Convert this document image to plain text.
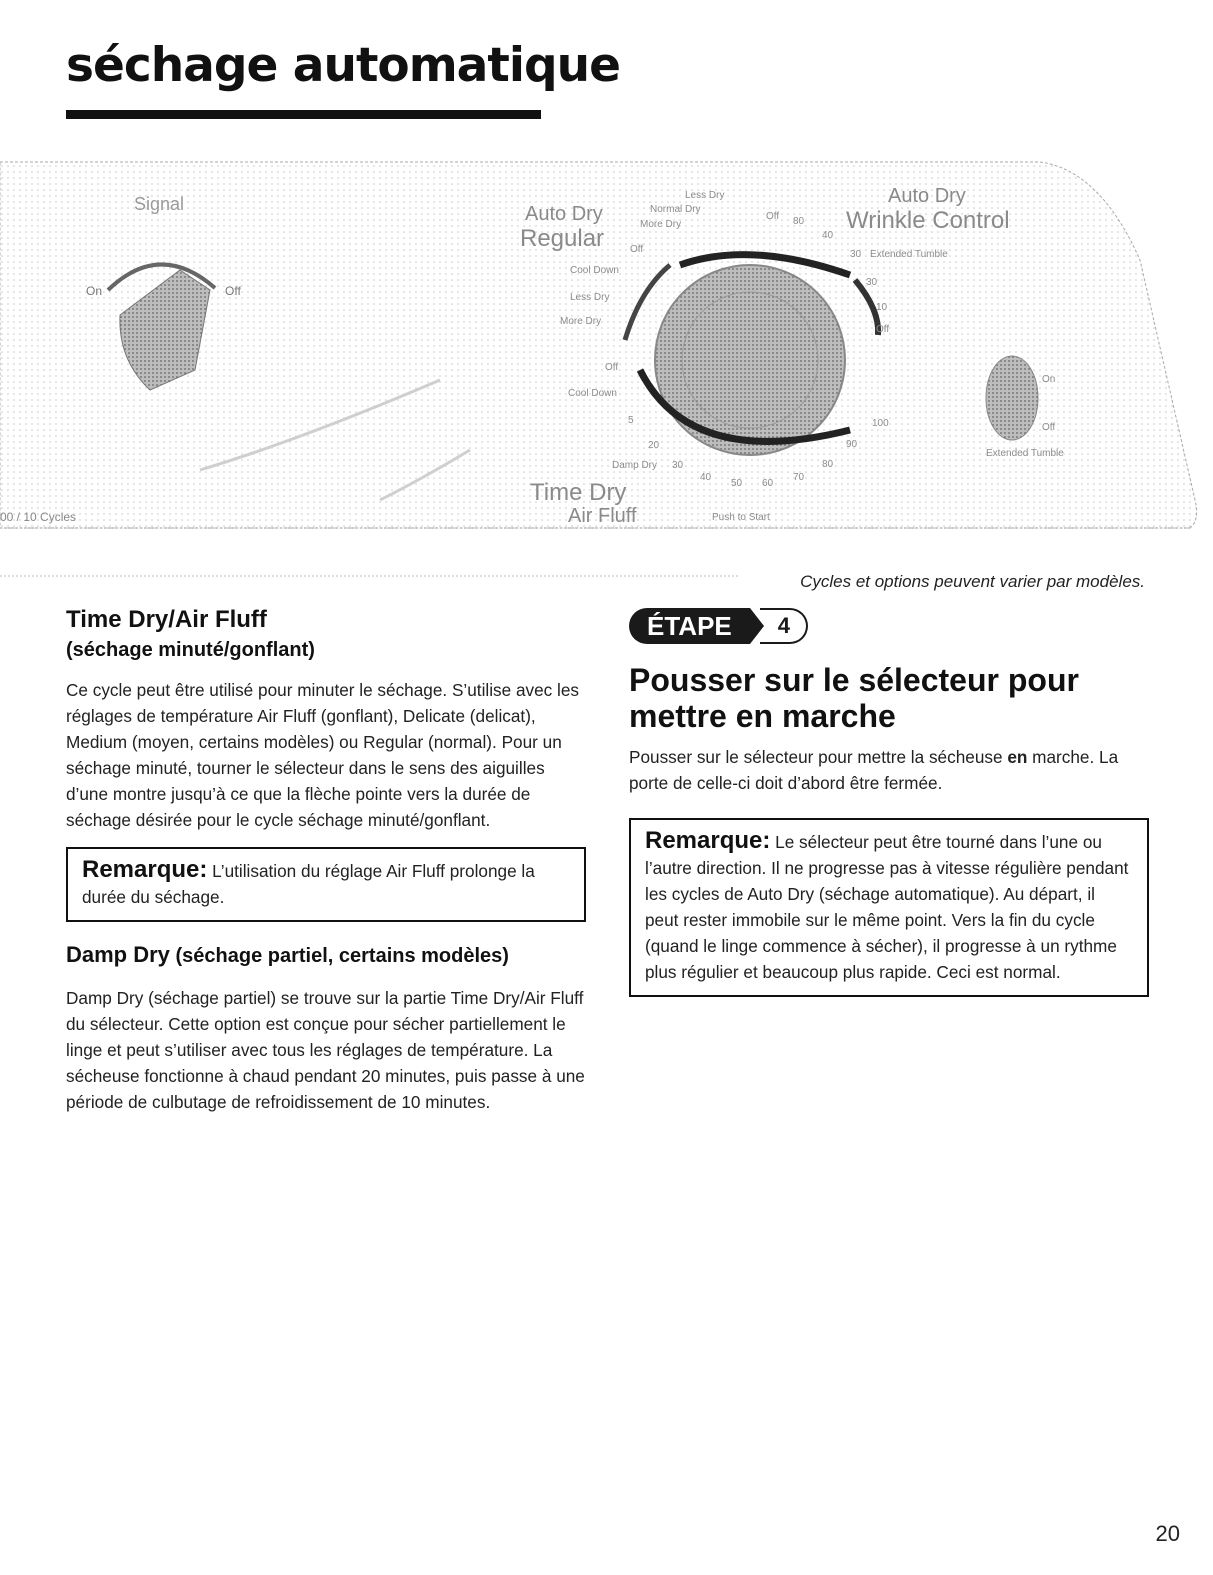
séchage automatique
Signal
On	Off
00 / 10 Cycles
Auto Dry
Regular
Auto Dry
Wrinkle Control
Less Dry
Normal Dry
More Dry
Off 80
40
Off
Cool Down
Less Dry
More Dry
30 Extended Tumble
30
10
Off
Off
Cool Down
5
20
Damp Dry 30
40
50 60
70
80
90
100
Time Dry
Air Fluff	Push to Start
On
Off
Extended Tumble

Cycles et options peuvent varier par modèles.

Time Dry/Air Fluff
(séchage minuté/gonflant)

Ce cycle peut être utilisé pour minuter le séchage. S’utilise avec les réglages de température Air Fluff (gonflant), Delicate (delicat), Medium (moyen, certains modèles) ou Regular (normal). Pour un séchage minuté, tourner le sélecteur dans le sens des aiguilles d’une montre jusqu’à ce que la flèche pointe vers la durée de séchage désirée pour le cycle séchage minuté/gonflant.

Remarque: L’utilisation du réglage Air Fluff prolonge la durée du séchage.

Damp Dry (séchage partiel, certains modèles)

Damp Dry (séchage partiel) se trouve sur la partie Time Dry/Air Fluff du sélecteur. Cette option est conçue pour sécher partiellement le linge et peut s’utiliser avec tous les réglages de température. La sécheuse fonctionne à chaud pendant 20 minutes, puis passe à une période de culbutage de refroidissement de 10 minutes.

ÉTAPE	4
Pousser sur le sélecteur pour mettre en marche

Pousser sur le sélecteur pour mettre la sécheuse en marche. La porte de celle-ci doit d’abord être fermée.

Remarque: Le sélecteur peut être tourné dans l’une ou l’autre direction. Il ne progresse pas à vitesse régulière pendant les cycles de Auto Dry (séchage automatique). Au départ, il peut rester immobile sur le même point. Vers la fin du cycle (quand le linge commence à sécher), il progresse à un rythme plus régulier et beaucoup plus rapide. Ceci est normal.

20
